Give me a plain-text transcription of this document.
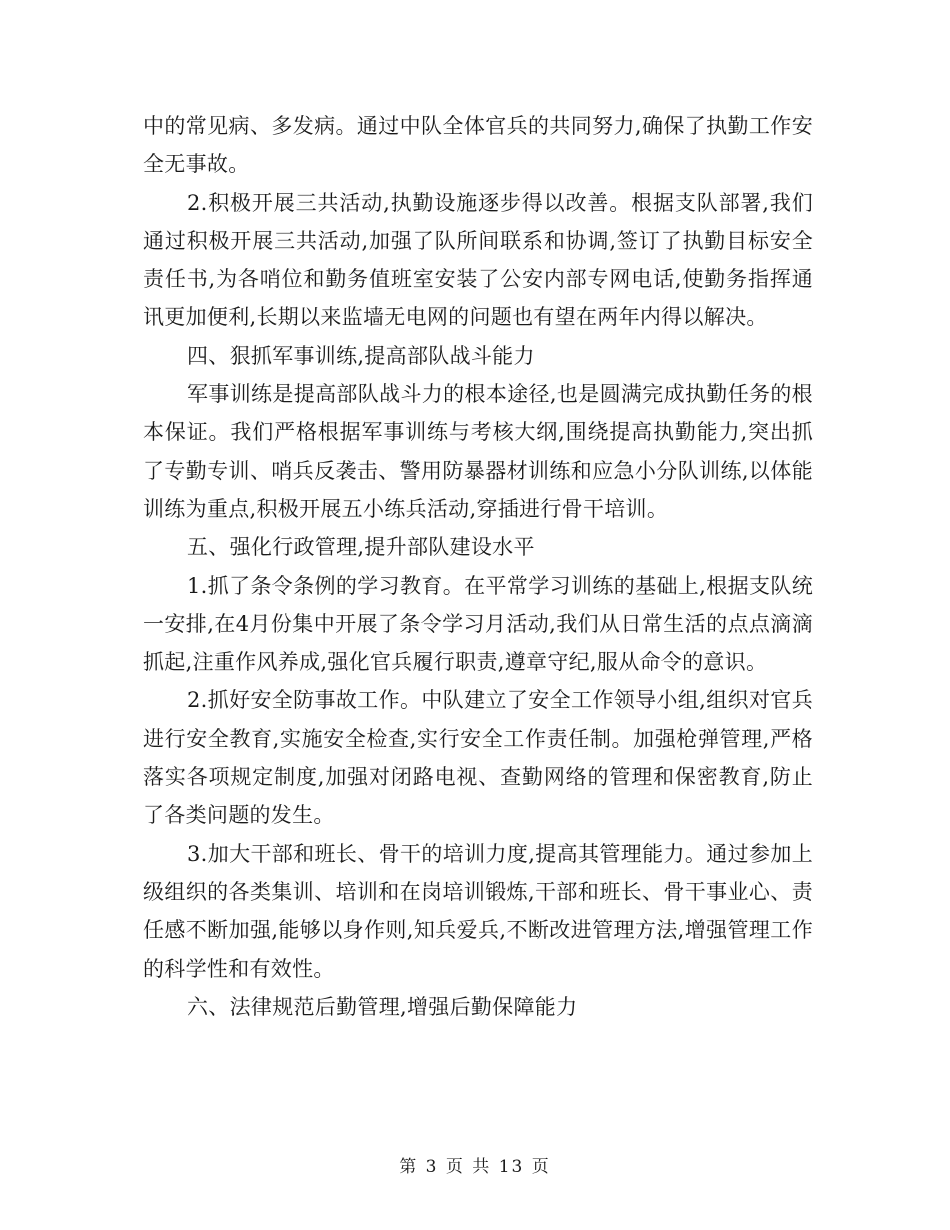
中的常见病、多发病。通过中队全体官兵的共同努力,确保了执勤工作安全无事故。

2.积极开展三共活动,执勤设施逐步得以改善。根据支队部署,我们通过积极开展三共活动,加强了队所间联系和协调,签订了执勤目标安全责任书,为各哨位和勤务值班室安装了公安内部专网电话,使勤务指挥通讯更加便利,长期以来监墙无电网的问题也有望在两年内得以解决。

四、狠抓军事训练,提高部队战斗能力

军事训练是提高部队战斗力的根本途径,也是圆满完成执勤任务的根本保证。我们严格根据军事训练与考核大纲,围绕提高执勤能力,突出抓了专勤专训、哨兵反袭击、警用防暴器材训练和应急小分队训练,以体能训练为重点,积极开展五小练兵活动,穿插进行骨干培训。

五、强化行政管理,提升部队建设水平

1.抓了条令条例的学习教育。在平常学习训练的基础上,根据支队统一安排,在4月份集中开展了条令学习月活动,我们从日常生活的点点滴滴抓起,注重作风养成,强化官兵履行职责,遵章守纪,服从命令的意识。

2.抓好安全防事故工作。中队建立了安全工作领导小组,组织对官兵进行安全教育,实施安全检查,实行安全工作责任制。加强枪弹管理,严格落实各项规定制度,加强对闭路电视、查勤网络的管理和保密教育,防止了各类问题的发生。

3.加大干部和班长、骨干的培训力度,提高其管理能力。通过参加上级组织的各类集训、培训和在岗培训锻炼,干部和班长、骨干事业心、责任感不断加强,能够以身作则,知兵爱兵,不断改进管理方法,增强管理工作的科学性和有效性。

六、法律规范后勤管理,增强后勤保障能力

第 3 页 共 13 页
